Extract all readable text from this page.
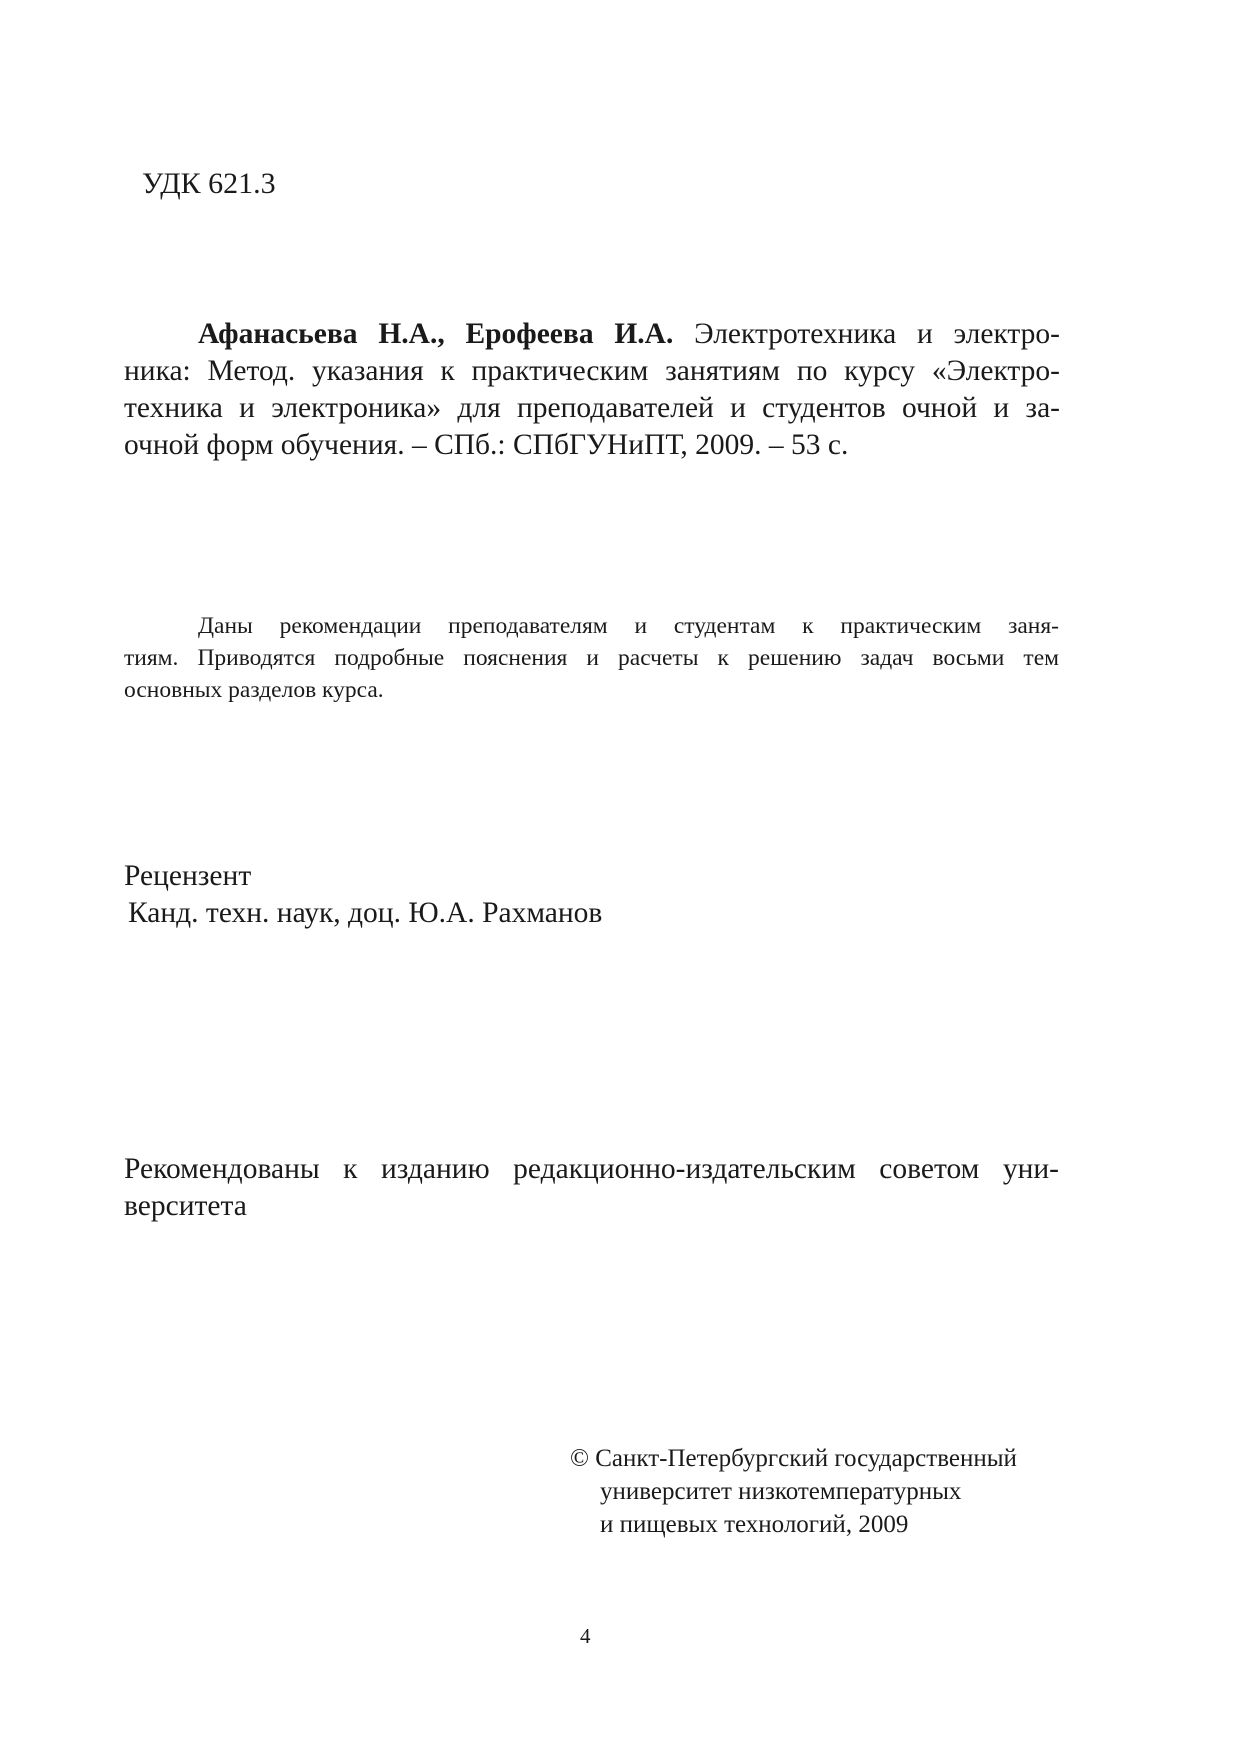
УДК 621.3
Афанасьева Н.А., Ерофеева И.А. Электротехника и электро-
ника: Метод. указания к практическим занятиям по курсу «Электро-
техника и электроника» для преподавателей и студентов очной и за-
очной форм обучения. – СПб.: СПбГУНиПТ, 2009. – 53 с.
Даны рекомендации преподавателям и студентам к практическим заня-
тиям. Приводятся подробные пояснения и расчеты к решению задач восьми тем
основных разделов курса.
Рецензент
Канд. техн. наук, доц. Ю.А. Рахманов
Рекомендованы к изданию редакционно-издательским советом уни-
верситета
© Санкт-Петербургский государственный
университет низкотемпературных
и пищевых технологий, 2009
4
